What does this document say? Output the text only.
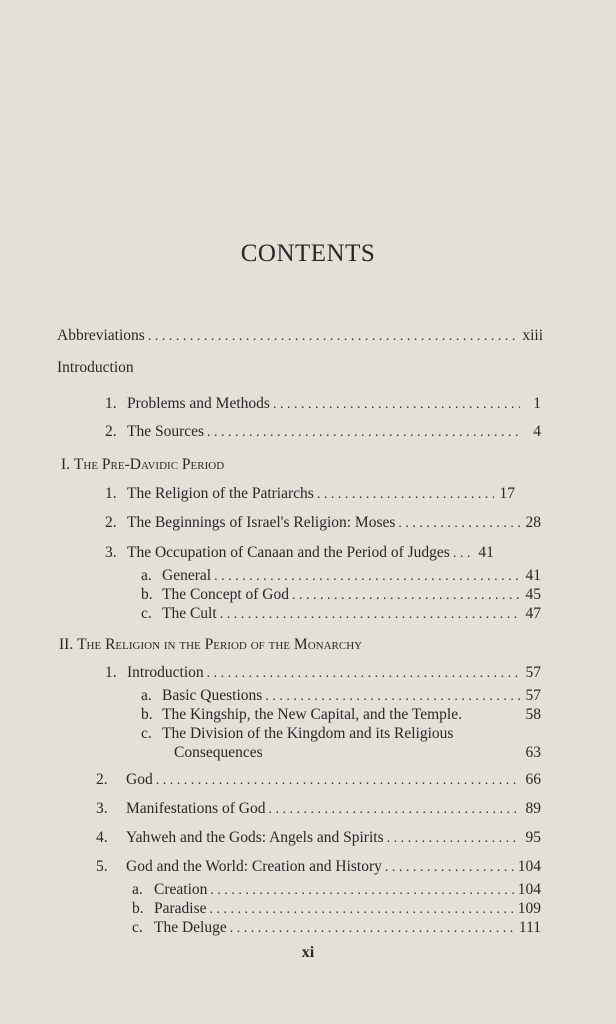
CONTENTS
Abbreviations . . .	xiii
Introduction
1. Problems and Methods . . .	1
2. The Sources . . .	4
I. The Pre-Davidic Period
1. The Religion of the Patriarchs . . .	17
2. The Beginnings of Israel's Religion: Moses . . .	28
3. The Occupation of Canaan and the Period of Judges . . . 41
a. General . . .	41
b. The Concept of God . . .	45
c. The Cult . . .	47
II. The Religion in the Period of the Monarchy
1. Introduction . . .	57
a. Basic Questions . . .	57
b. The Kingship, the New Capital, and the Temple.	58
c. The Division of the Kingdom and its Religious
Consequences	63
2.	God . . .	66
3.	Manifestations of God . . .	89
4.	Yahweh and the Gods: Angels and Spirits . . .	95
5.	God and the World: Creation and History . . .	104
a. Creation . . .	104
b. Paradise . . .	109
c. The Deluge . . .	111
xi
